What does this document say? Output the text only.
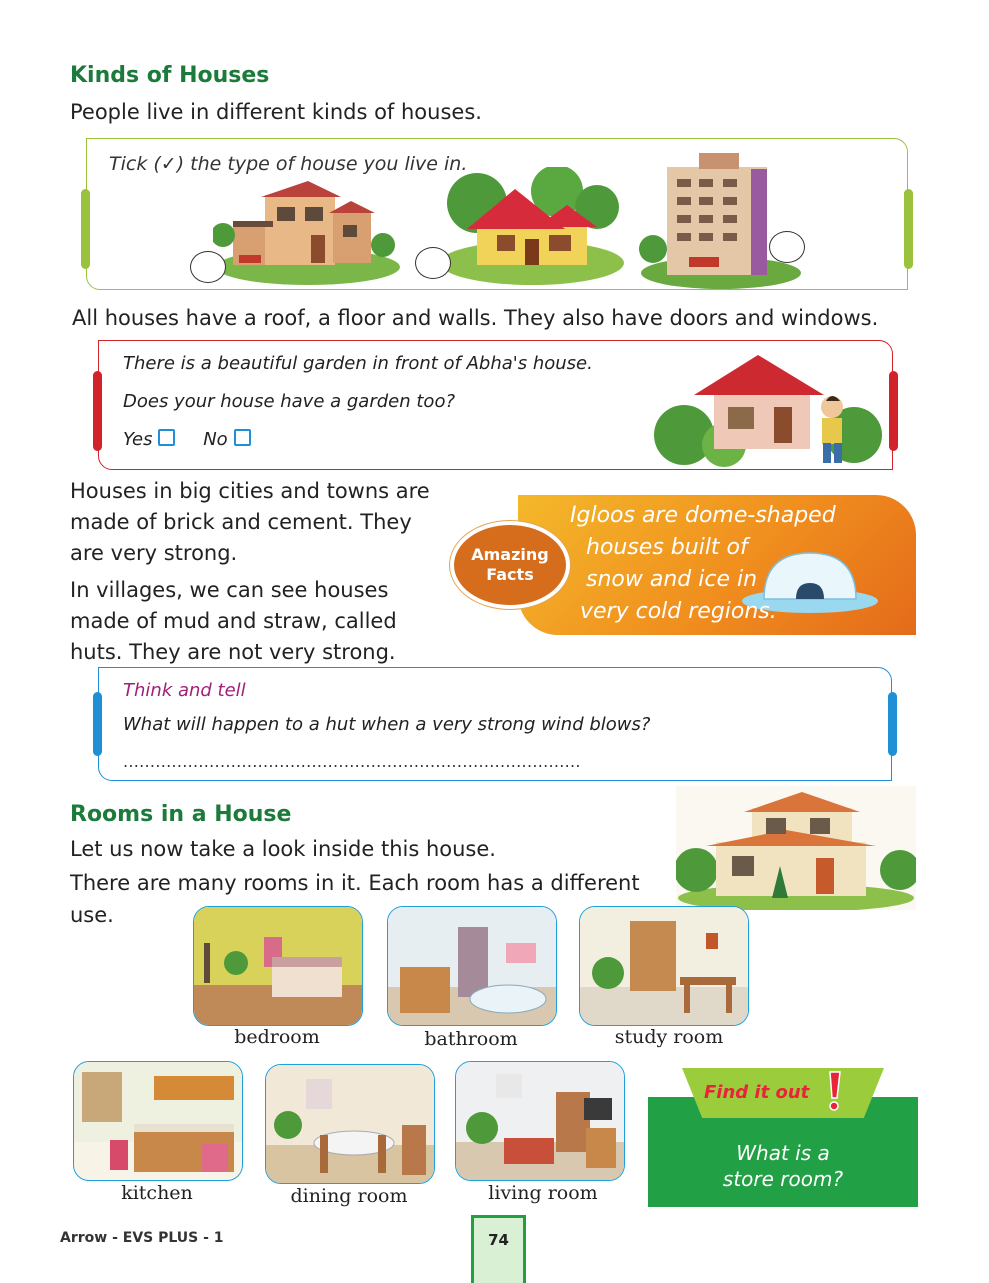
Kinds of Houses
People live in different kinds of houses.
Tick (✓) the type of house you live in.
All houses have a roof, a floor and walls. They also have doors and windows.
There is a beautiful garden in front of Abha's house.
Does your house have a garden too?
Yes	No
Houses in big cities and towns are
made of brick and cement. They
are very strong.
In villages, we can see houses
made of mud and straw, called
huts. They are not very strong.
Igloos are dome-shaped
houses built of
snow and ice in
very cold regions.
Amazing
Facts
Think and tell
What will happen to a hut when a very strong wind blows?
.....................................................................................
Rooms in a House
Let us now take a look inside this house.
There are many rooms in it. Each room has a different
use.
bedroom	bathroom	study room
kitchen	dining room	living room
What is a
store room?
Find it out
Arrow - EVS PLUS - 1	74
